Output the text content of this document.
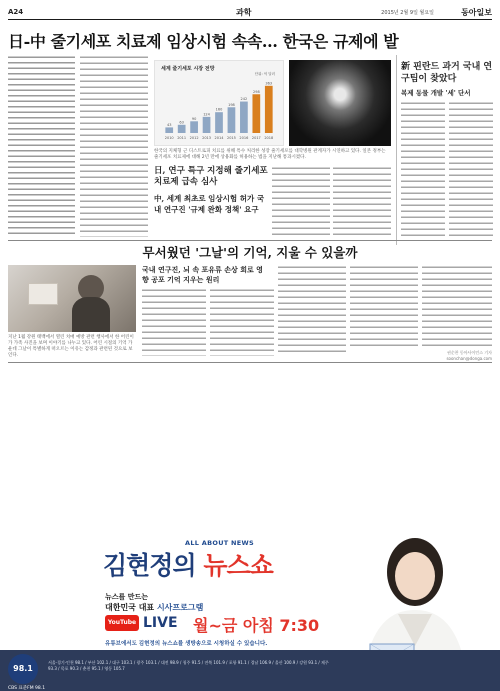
A24	과학	2015년 2월 9일 월요일	동아일보
日-中 줄기세포 치료제 임상시험 속속… 한국은 규제에 발
세계 줄기세포 시장 전망
43
2010
63
2011
90
2012
124
2013
160
2014
198
2015
242
2016
298
2017
363
2018
단위: 억 달러
한국의 지체형 근 디스트로피 치료를 위해 특수 처리한 성장 줄기세포를 대학병원 관계자가 시연하고 있다. 일본 정부는 줄기세포 치료제에 대해 2년 만에 상용화를 허용하는 법을 지난해 통과시켰다.
日, 연구 특구 지정해 줄기세포 치료제 급속 심사
中, 세계 최초로 임상시험 허가 국내 연구진 '규제 완화 정책' 요구
新 핀란드 과거 국내 연구팀이 찾았다
복제 동물 개발 '세' 단서
무서웠던 '그날'의 기억, 지울 수 있을까
지난 1월 강원 태백에서 열린 치매 예방 관련 행사에서 한 어린이가 가족 사진을 보며 이야기를 나누고 있다. 어린 시절의 기억 가운데 그날이 특별하게 떠오르는 이유는 감정과 관련된 것으로 보인다.
국내 연구진, 뇌 속 포유류 손상 회로 영향 공포 기억 지우는 원리
권순찬 동아사이언스 기자 soonchan@donga.com
ALL ABOUT NEWS
김현정의 뉴스쇼
뉴스를 만드는
대한민국 대표 시사프로그램
YouTube LIVE 월~금 아침 7:30
유튜브에서도 김현정의 뉴스쇼를 생방송으로 시청하실 수 있습니다.
98.1
CBS 표준FM 98.1
서울·경기·인천 98.1 / 부산 102.1 / 대구 103.1 / 광주 103.1 / 대전 98.9 / 청주 91.5 / 전북 101.9 / 포항 91.1 / 경남 106.9 / 울산 100.9 / 강원 93.1 / 제주 93.3 / 목포 90.3 / 춘천 95.1 / 영동 105.7
